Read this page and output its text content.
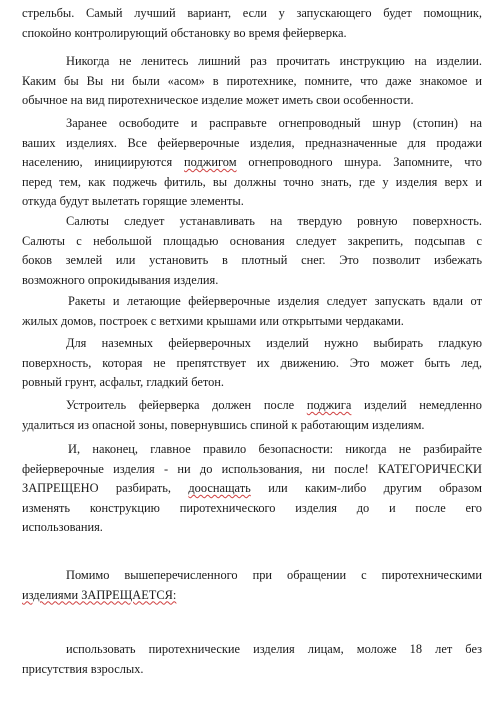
стрельбы. Самый лучший вариант, если у запускающего будет помощник,
спокойно контролирующий обстановку во время фейерверка.
Никогда не ленитесь лишний раз прочитать инструкцию на изделии.
Каким бы Вы ни были «асом» в пиротехнике, помните, что даже знакомое и
обычное на вид пиротехническое изделие может иметь свои особенности.
Заранее освободите и расправьте огнепроводный шнур (стопин) на
ваших изделиях. Все фейерверочные изделия, предназначенные для продажи
населению, инициируются поджигом огнепроводного шнура. Запомните, что
перед тем, как поджечь фитиль, вы должны точно знать, где у изделия верх и
откуда будут вылетать горящие элементы.
Салюты следует устанавливать на твердую ровную поверхность.
Салюты с небольшой площадью основания следует закрепить, подсыпав с
боков землей или установить в плотный снег. Это позволит избежать
возможного опрокидывания изделия.
Ракеты и летающие фейерверочные изделия следует запускать вдали от
жилых домов, построек с ветхими крышами или открытыми чердаками.
Для наземных фейерверочных изделий нужно выбирать гладкую
поверхность, которая не препятствует их движению. Это может быть лед,
ровный грунт, асфальт, гладкий бетон.
Устроитель фейерверка должен после поджига изделий немедленно
удалиться из опасной зоны, повернувшись спиной к работающим изделиям.
И, наконец, главное правило безопасности: никогда не разбирайте
фейерверочные изделия - ни до использования, ни после! КАТЕГОРИЧЕСКИ
ЗАПРЕЩЕНО разбирать, дооснащать или каким-либо другим образом
изменять конструкцию пиротехнического изделия до и после его
использования.
Помимо вышеперечисленного при обращении с пиротехническими
изделиями ЗАПРЕЩАЕТСЯ:
использовать пиротехнические изделия лицам, моложе 18 лет без
присутствия взрослых.
